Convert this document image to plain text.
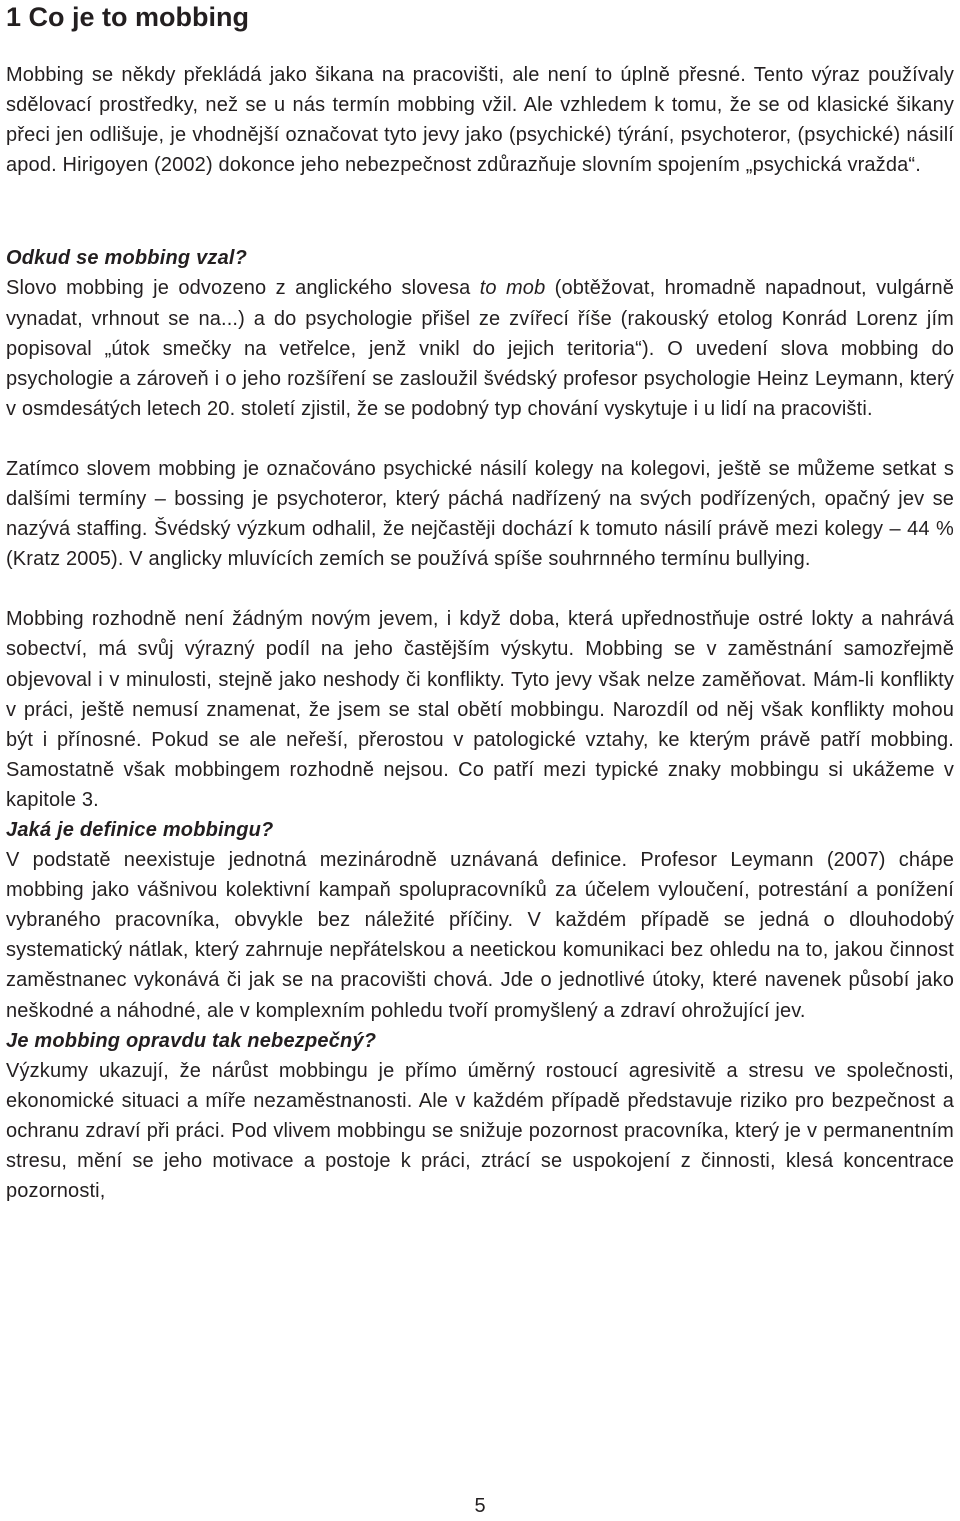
1 Co je to mobbing

Mobbing se někdy překládá jako šikana na pracovišti, ale není to úplně přesné. Tento výraz používaly sdělovací prostředky, než se u nás termín mobbing vžil. Ale vzhledem k tomu, že se od klasické šikany přeci jen odlišuje, je vhodnější označovat tyto jevy jako (psychické) týrání, psychoteror, (psychické) násilí apod. Hirigoyen (2002) dokonce jeho nebezpečnost zdůrazňuje slovním spojením „psychická vražda“.

Odkud se mobbing vzal?

Slovo mobbing je odvozeno z anglického slovesa to mob (obtěžovat, hromadně napadnout, vulgárně vynadat, vrhnout se na...) a do psychologie přišel ze zvířecí říše (rakouský etolog Konrád Lorenz jím popisoval „útok smečky na vetřelce, jenž vnikl do jejich teritoria“). O uvedení slova mobbing do psychologie a zároveň i o jeho rozšíření se zasloužil švédský profesor psychologie Heinz Leymann, který v osmdesátých letech 20. století zjistil, že se podobný typ chování vyskytuje i u lidí na pracovišti.

Zatímco slovem mobbing je označováno psychické násilí kolegy na kolegovi, ještě se můžeme setkat s dalšími termíny – bossing je psychoteror, který páchá nadřízený na svých podřízených, opačný jev se nazývá staffing. Švédský výzkum odhalil, že nejčastěji dochází k tomuto násilí právě mezi kolegy – 44 % (Kratz 2005). V anglicky mluvících zemích se používá spíše souhrnného termínu bullying.

Mobbing rozhodně není žádným novým jevem, i když doba, která upřednostňuje ostré lokty a nahrává sobectví, má svůj výrazný podíl na jeho častějším výskytu. Mobbing se v zaměstnání samozřejmě objevoval i v minulosti, stejně jako neshody či konflikty. Tyto jevy však nelze zaměňovat. Mám-li konflikty v práci, ještě nemusí znamenat, že jsem se stal obětí mobbingu. Narozdíl od něj však konflikty mohou být i přínosné. Pokud se ale neřeší, přerostou v patologické vztahy, ke kterým právě patří mobbing. Samostatně však mobbingem rozhodně nejsou. Co patří mezi typické znaky mobbingu si ukážeme v kapitole 3.

Jaká je definice mobbingu?

V podstatě neexistuje jednotná mezinárodně uznávaná definice. Profesor Leymann (2007) chápe mobbing jako vášnivou kolektivní kampaň spolupracovníků za účelem vyloučení, potrestání a ponížení vybraného pracovníka, obvykle bez náležité příčiny. V každém případě se jedná o dlouhodobý systematický nátlak, který zahrnuje nepřátelskou a neetickou komunikaci bez ohledu na to, jakou činnost zaměstnanec vykonává či jak se na pracovišti chová. Jde o jednotlivé útoky, které navenek působí jako neškodné a náhodné, ale v komplexním pohledu tvoří promyšlený a zdraví ohrožující jev.

Je mobbing opravdu tak nebezpečný?

Výzkumy ukazují, že nárůst mobbingu je přímo úměrný rostoucí agresivitě a stresu ve společnosti, ekonomické situaci a míře nezaměstnanosti. Ale v každém případě představuje riziko pro bezpečnost a ochranu zdraví při práci. Pod vlivem mobbingu se snižuje pozornost pracovníka, který je v permanentním stresu, mění se jeho motivace a postoje k práci, ztrácí se uspokojení z činnosti, klesá koncentrace pozornosti,

5
